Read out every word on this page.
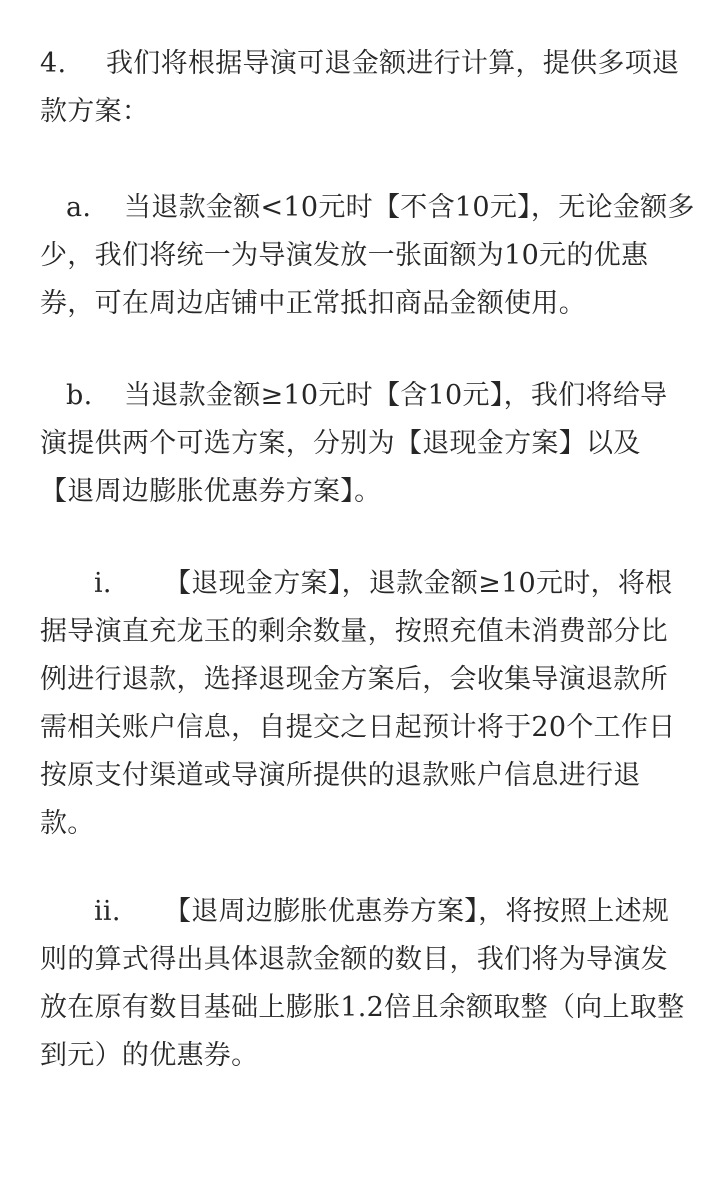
4. 我们将根据导演可退金额进行计算，提供多项退
款方案：
a. 当退款金额<10元时【不含10元】，无论金额多
少，我们将统一为导演发放一张面额为10元的优惠
券，可在周边店铺中正常抵扣商品金额使用。
b. 当退款金额≥10元时【含10元】，我们将给导
演提供两个可选方案，分别为【退现金方案】以及
【退周边膨胀优惠券方案】。
i. 【退现金方案】，退款金额≥10元时，将根
据导演直充龙玉的剩余数量，按照充值未消费部分比
例进行退款，选择退现金方案后，会收集导演退款所
需相关账户信息，自提交之日起预计将于20个工作日
按原支付渠道或导演所提供的退款账户信息进行退
款。
ii. 【退周边膨胀优惠券方案】，将按照上述规
则的算式得出具体退款金额的数目，我们将为导演发
放在原有数目基础上膨胀1.2倍且余额取整（向上取整
到元）的优惠券。
